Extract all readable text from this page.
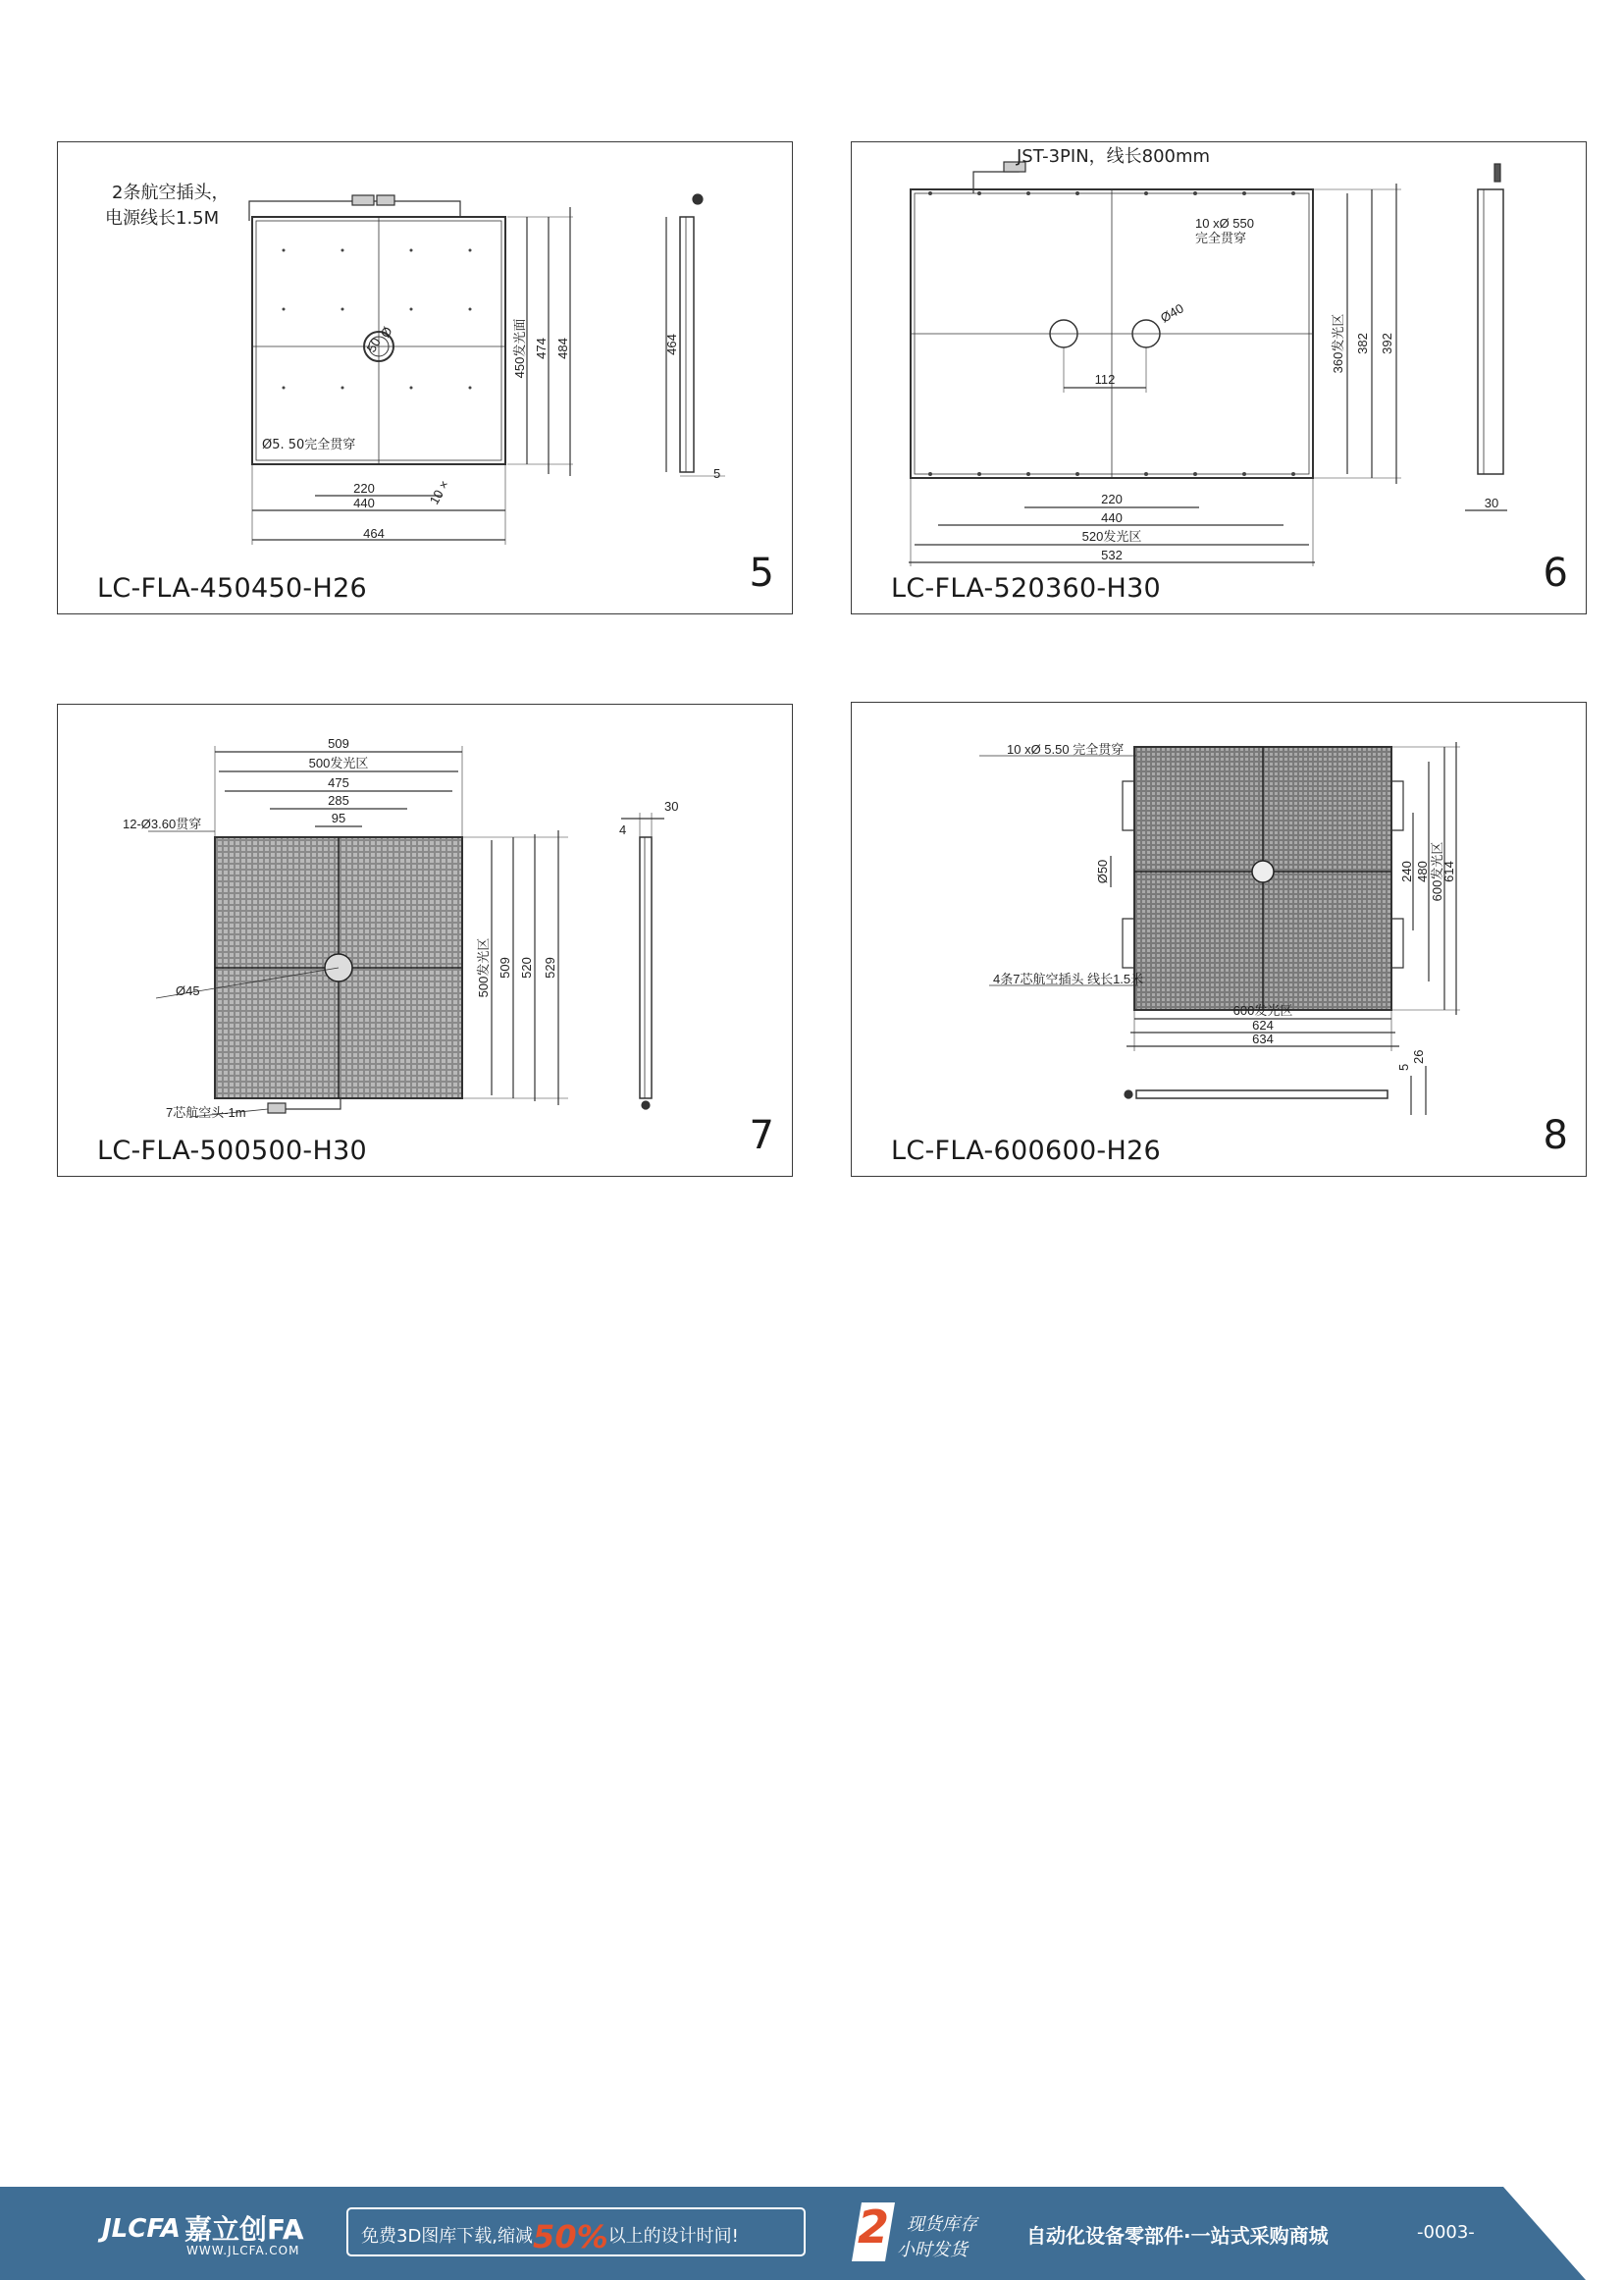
2条航空插头，
电源线长1.5M
Ø5. 50完全贯穿
Ø
50
10 ×
220
440
464
450发光面 474 484	464
5
LC-FLA-450450-H26	5
JST-3PIN，线长800mm
10 xØ 550
完全贯穿
Ø40
112
220
440
520发光区
532
360发光区 382 392
30
LC-FLA-520360-H30	6
509
500发光区
475
285
95
500发光区 509 520 529
4
30
12-Ø3.60贯穿
Ø45
7芯航空头-1m
LC-FLA-500500-H30	7
600发光区
624
634
240 480 600发光区
614
5
26
10 xØ 5.50 完全贯穿
Ø50
4条7芯航空插头 线长1.5米
LC-FLA-600600-H26	8
JLCFA 嘉立创FA
WWW.JLCFA.COM
免费3D图库下载,缩减50%以上的设计时间!	2 现货库存
小时发货
自动化设备零部件·一站式采购商城	-0003-
